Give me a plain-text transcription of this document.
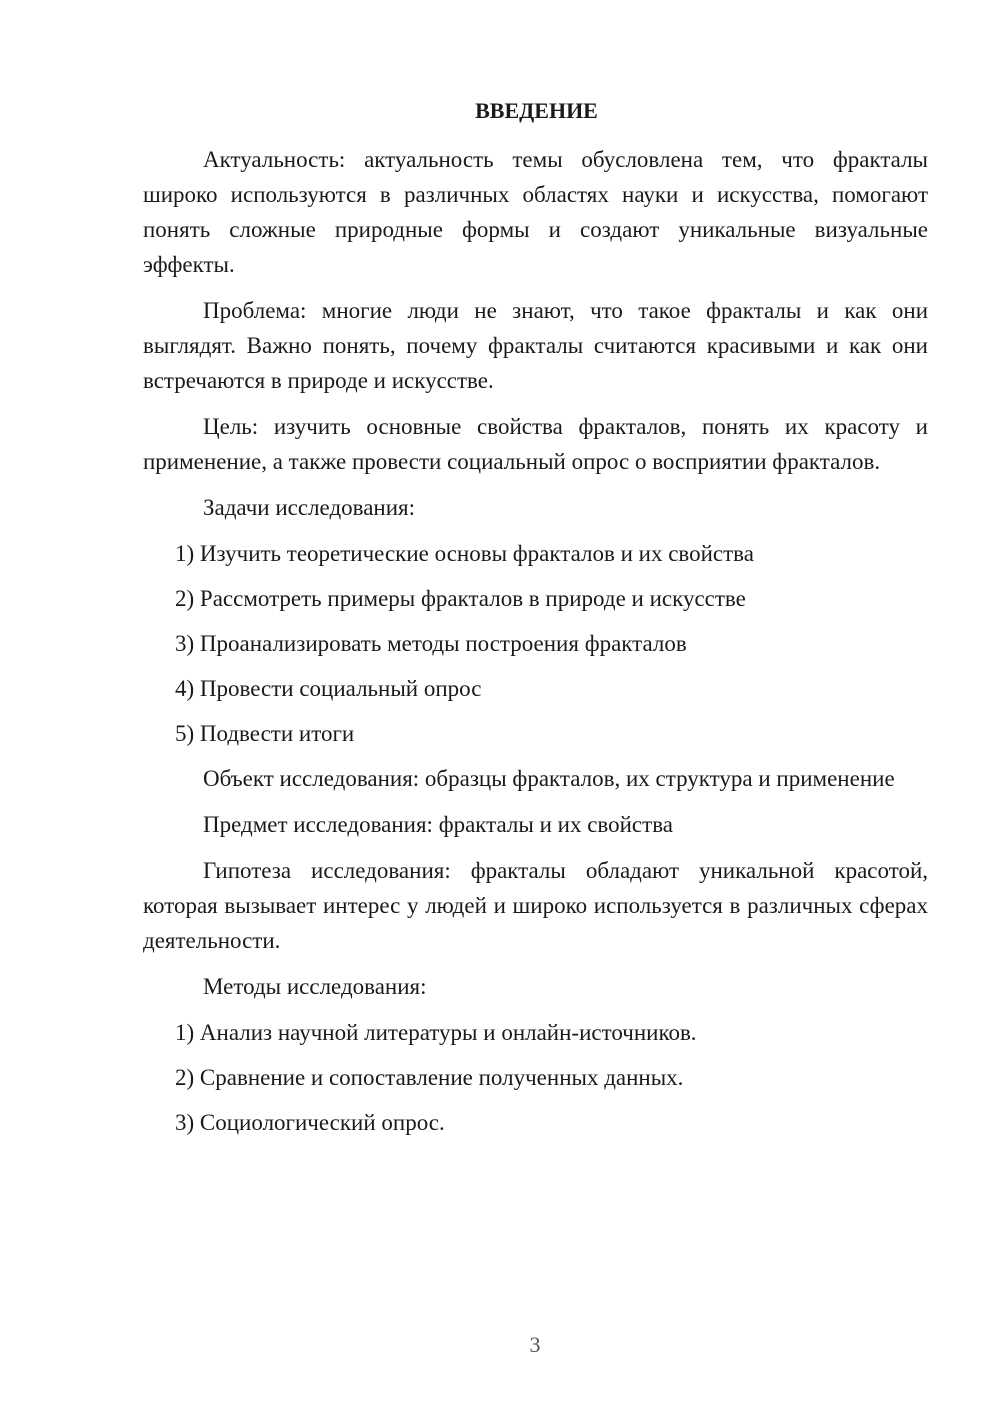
ВВЕДЕНИЕ

Актуальность: актуальность темы обусловлена тем, что фракталы широко используются в различных областях науки и искусства, помогают понять сложные природные формы и создают уникальные визуальные эффекты.

Проблема: многие люди не знают, что такое фракталы и как они выглядят. Важно понять, почему фракталы считаются красивыми и как они встречаются в природе и искусстве.

Цель: изучить основные свойства фракталов, понять их красоту и применение, а также провести социальный опрос о восприятии фракталов.

Задачи исследования:

1) Изучить теоретические основы фракталов и их свойства
2) Рассмотреть примеры фракталов в природе и искусстве
3) Проанализировать методы построения фракталов
4) Провести социальный опрос
5) Подвести итоги

Объект исследования: образцы фракталов, их структура и применение

Предмет исследования: фракталы и их свойства

Гипотеза исследования: фракталы обладают уникальной красотой, которая вызывает интерес у людей и широко используется в различных сферах деятельности.

Методы исследования:

1) Анализ научной литературы и онлайн-источников.
2) Сравнение и сопоставление полученных данных.
3) Социологический опрос.
3
